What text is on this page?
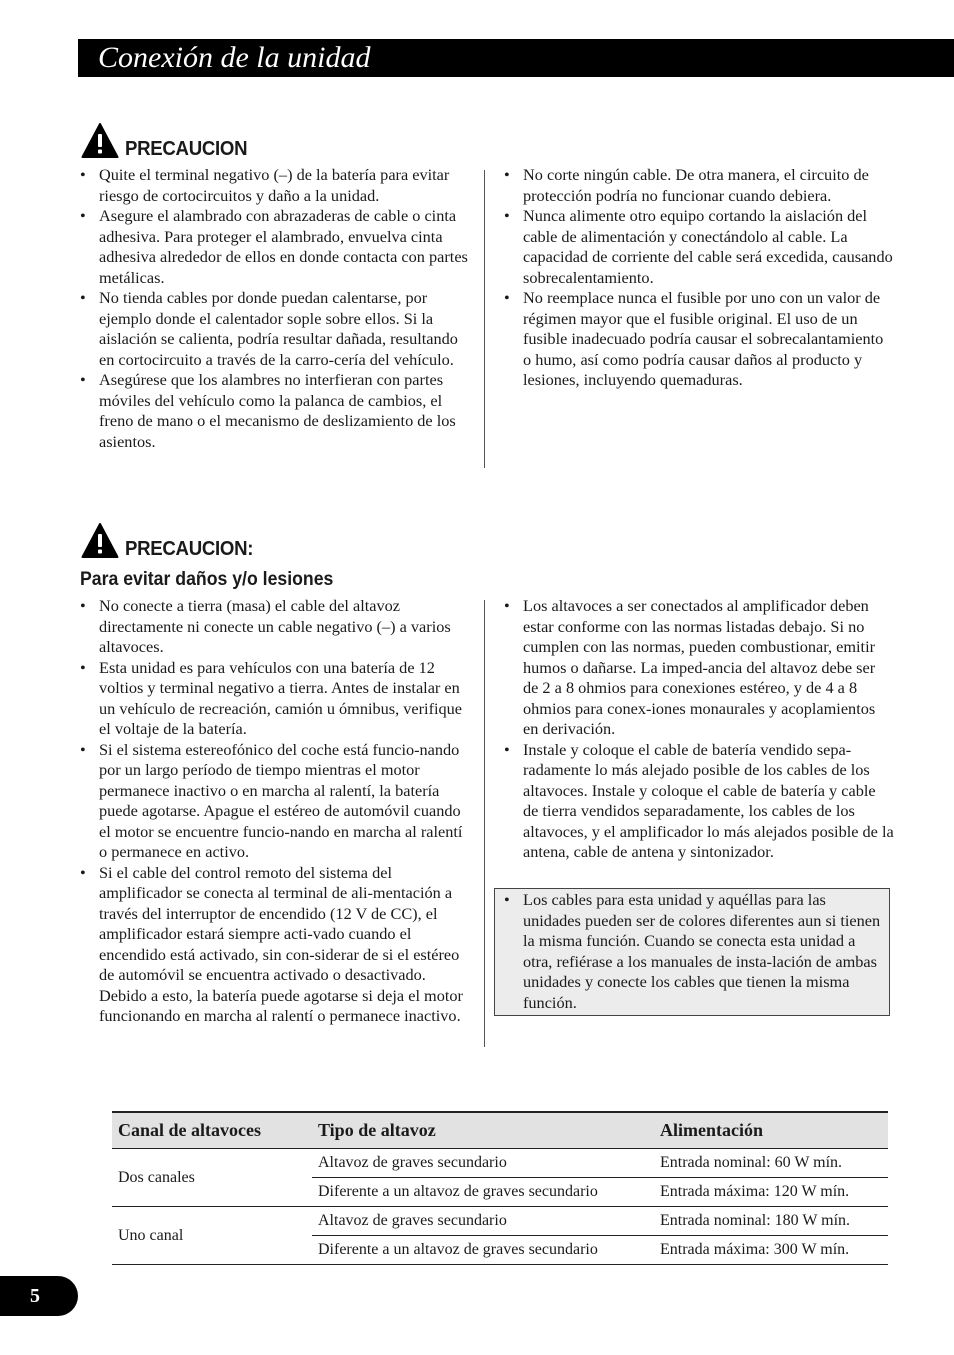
Conexión de la unidad
PRECAUCION
• Quite el terminal negativo (–) de la batería para evitar riesgo de cortocircuitos y daño a la unidad.
• Asegure el alambrado con abrazaderas de cable o cinta adhesiva. Para proteger el alambrado, envuelva cinta adhesiva alrededor de ellos en donde contacta con partes metálicas.
• No tienda cables por donde puedan calentarse, por ejemplo donde el calentador sople sobre ellos. Si la aislación se calienta, podría resultar dañada, resultando en cortocircuito a través de la carro-cería del vehículo.
• Asegúrese que los alambres no interfieran con partes móviles del vehículo como la palanca de cambios, el freno de mano o el mecanismo de deslizamiento de los asientos.
• No corte ningún cable. De otra manera, el circuito de protección podría no funcionar cuando debiera.
• Nunca alimente otro equipo cortando la aislación del cable de alimentación y conectándolo al cable. La capacidad de corriente del cable será excedida, causando sobrecalentamiento.
• No reemplace nunca el fusible por uno con un valor de régimen mayor que el fusible original. El uso de un fusible inadecuado podría causar el sobrecalantamiento o humo, así como podría causar daños al producto y lesiones, incluyendo quemaduras.
PRECAUCION:
Para evitar daños y/o lesiones
• No conecte a tierra (masa) el cable del altavoz directamente ni conecte un cable negativo (–) a varios altavoces.
• Esta unidad es para vehículos con una batería de 12 voltios y terminal negativo a tierra. Antes de instalar en un vehículo de recreación, camión u ómnibus, verifique el voltaje de la batería.
• Si el sistema estereofónico del coche está funcio-nando por un largo período de tiempo mientras el motor permanece inactivo o en marcha al ralentí, la batería puede agotarse. Apague el estéreo de automóvil cuando el motor se encuentre funcio-nando en marcha al ralentí o permanece en activo.
• Si el cable del control remoto del sistema del amplificador se conecta al terminal de ali-mentación a través del interruptor de encendido (12 V de CC), el amplificador estará siempre acti-vado cuando el encendido está activado, sin con-siderar de si el estéreo de automóvil se encuentra activado o desactivado. Debido a esto, la batería puede agotarse si deja el motor funcionando en marcha al ralentí o permanece inactivo.
• Los altavoces a ser conectados al amplificador deben estar conforme con las normas listadas debajo. Si no cumplen con las normas, pueden combustionar, emitir humos o dañarse. La imped-ancia del altavoz debe ser de 2 a 8 ohmios para conexiones estéreo, y de 4 a 8 ohmios para conex-iones monaurales y acoplamientos en derivación.
• Instale y coloque el cable de batería vendido sepa-radamente lo más alejado posible de los cables de los altavoces. Instale y coloque el cable de batería y cable de tierra vendidos separadamente, los cables de los altavoces, y el amplificador lo más alejados posible de la antena, cable de antena y sintonizador.
• Los cables para esta unidad y aquéllas para las unidades pueden ser de colores diferentes aun si tienen la misma función. Cuando se conecta esta unidad a otra, refiérase a los manuales de insta-lación de ambas unidades y conecte los cables que tienen la misma función.
Canal de altavoces	Tipo de altavoz	Alimentación
Dos canales	Altavoz de graves secundario	Entrada nominal: 60 W mín.
	Diferente a un altavoz de graves secundario	Entrada máxima: 120 W mín.
Uno canal	Altavoz de graves secundario	Entrada nominal: 180 W mín.
	Diferente a un altavoz de graves secundario	Entrada máxima: 300 W mín.
5
